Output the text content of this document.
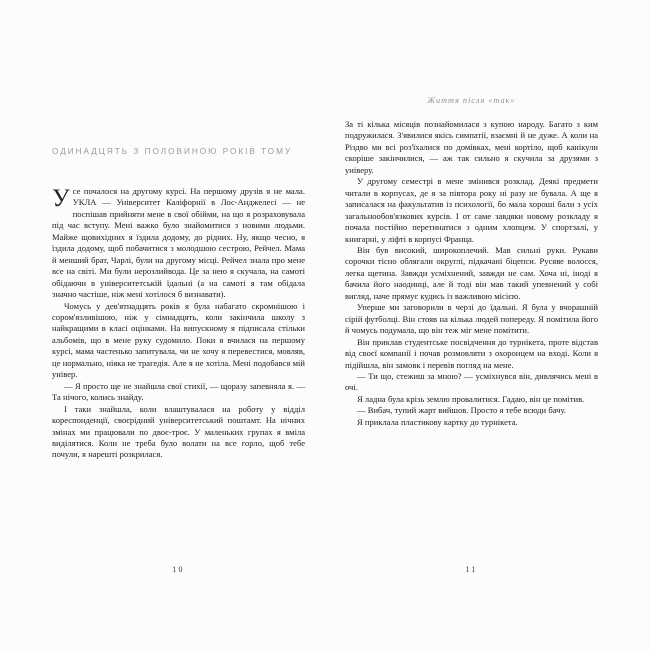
ОДИНАДЦЯТЬ З ПОЛОВИНОЮ РОКІВ ТОМУ

Усе почалося на другому курсі. На першому друзів я не мала. УКЛА — Університет Каліфорнії в Лос-Анджелесі — не поспішав прийняти мене в свої обійми, на що я розраховувала під час вступу. Мені важко було знайомитися з новими людьми. Майже щовихідних я їздила додому, до рідних. Ну, якщо чесно, я їздила додому, щоб побачитися з молодшою сестрою, Рейчел. Мама й менший брат, Чарлі, були на другому місці. Рейчел знала про мене все на світі. Ми були нерозлийвода. Це за нею я скучала, на самоті обідаючи в університетській їдальні (а на самоті я там обідала значно частіше, ніж мені хотілося б визнавати).

Чомусь у дев'ятнадцять років я була набагато скромнішою і сором'язливішою, ніж у сімнадцять, коли закінчила школу з найкращими в класі оцінками. На випускному я підписала стільки альбомів, що в мене руку судомило. Поки я вчилася на першому курсі, мама частенько запитувала, чи не хочу я перевестися, мовляв, це нормально, ніяка не трагедія. Але я не хотіла. Мені подобався мій універ.

— Я просто ще не знайшла свої стихії, — щоразу запевняла я. — Та нічого, колись знайду.

І таки знайшла, коли влаштувалася на роботу у відділ кореспонденції, своєрідний університетський поштамт. На нічних змінах ми працювали по двоє-троє. У маленьких групах я вміла виділятися. Коли не треба було волати на все горло, щоб тебе почули, я нарешті розкрилася.

10
Життя після «так»

За ті кілька місяців познайомилася з купою народу. Багато з ким подружилася. З'явилися якісь симпатії, взаємні й не дуже. А коли на Різдво ми всі роз'їхалися по домівках, мені кортіло, щоб канікули скоріше закінчилися, — аж так сильно я скучила за друзями з універу.

У другому семестрі в мене змінився розклад. Деякі предмети читали в корпусах, де я за півтора року ні разу не бувала. А ще я записалася на факультатив із психології, бо мала хороші бали з усіх загальнообов'язкових курсів. І от саме завдяки новому розкладу я почала постійно перетинатися з одним хлопцем. У спортзалі, у книгарні, у ліфті в корпусі Франца.

Він був високий, широкоплечий. Мав сильні руки. Рукави сорочки тісно облягали округлі, підкачані біцепси. Русяве волосся, легка щетина. Завжди усміхнений, завжди не сам. Хоча ні, іноді я бачила його наодинці, але й тоді він мав такий упевнений у собі вигляд, наче прямує кудись із важливою місією.

Уперше ми заговорили в черзі до їдальні. Я була у вчорашній сірій футболці. Він стояв на кілька людей попереду. Я помітила його й чомусь подумала, що він теж міг мене помітити.

Він приклав студентське посвідчення до турнікета, проте відстав від своєї компанії і почав розмовляти з охоронцем на вході. Коли я підійшла, він замовк і перевів погляд на мене.

— Ти що, стежиш за мною? — усміхнувся він, дивлячись мені в очі.

Я ладна була крізь землю провалитися. Гадаю, він це помітив.

— Вибач, тупий жарт вийшов. Просто я тебе всюди бачу.

Я приклала пластикову картку до турнікета.

11
